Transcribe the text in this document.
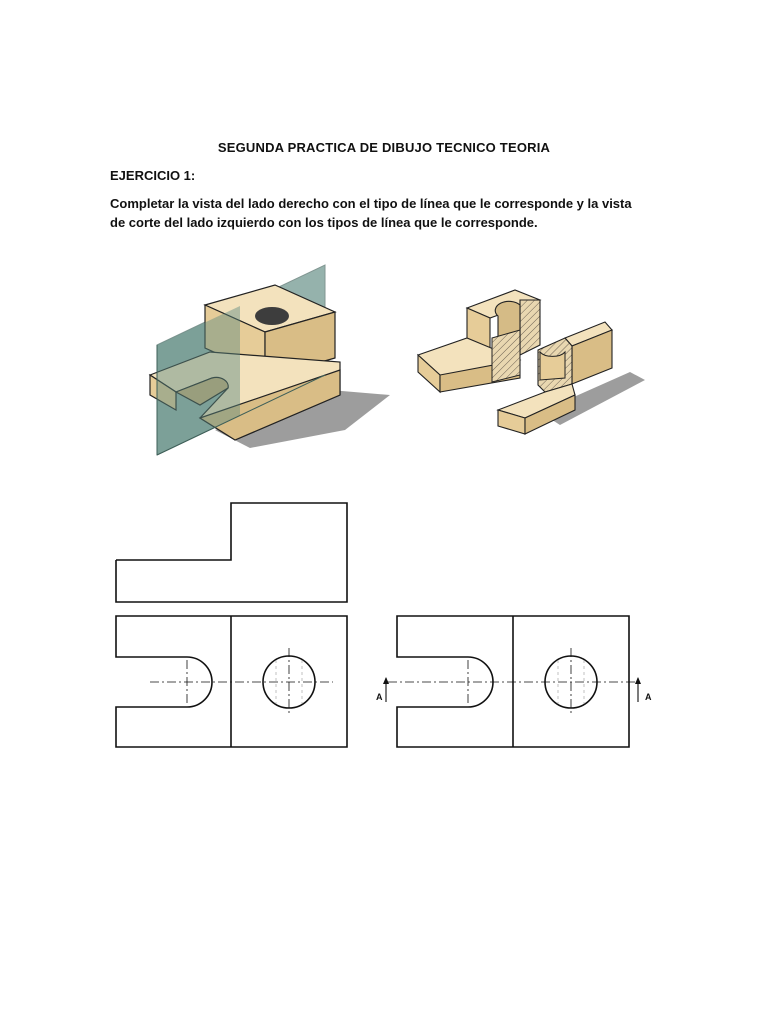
SEGUNDA PRACTICA DE DIBUJO TECNICO TEORIA
EJERCICIO 1:
Completar la vista del lado derecho con el tipo de línea que le corresponde y la vista de corte del lado izquierdo con los tipos de línea que le corresponde.
A	A
